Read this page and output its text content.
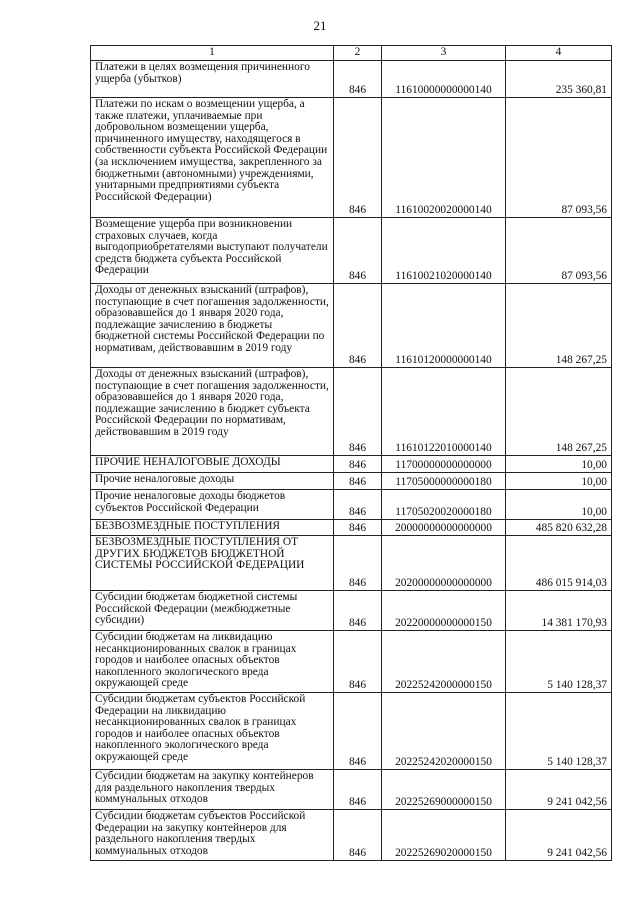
21
1	2	3	4
Платежи в целях возмещения причиненного ущерба (убытков)	846	11610000000000140	235 360,81
Платежи по искам о возмещении ущерба, а также платежи, уплачиваемые при добровольном возмещении ущерба, причиненного имуществу, находящегося в собственности субъекта Российской Федерации (за исключением имущества, закрепленного за бюджетными (автономными) учреждениями, унитарными предприятиями субъекта Российской Федерации)	846	11610020020000140	87 093,56
Возмещение ущерба при возникновении страховых случаев, когда выгодоприобретателями выступают получатели средств бюджета субъекта Российской Федерации	846	11610021020000140	87 093,56
Доходы от денежных взысканий (штрафов), поступающие в счет погашения задолженности, образовавшейся до 1 января 2020 года, подлежащие зачислению в бюджеты бюджетной системы Российской Федерации по нормативам, действовавшим в 2019 году	846	11610120000000140	148 267,25
Доходы от денежных взысканий (штрафов), поступающие в счет погашения задолженности, образовавшейся до 1 января 2020 года, подлежащие зачислению в бюджет субъекта Российской Федерации по нормативам, действовавшим в 2019 году	846	11610122010000140	148 267,25
ПРОЧИЕ НЕНАЛОГОВЫЕ ДОХОДЫ	846	11700000000000000	10,00
Прочие неналоговые доходы	846	11705000000000180	10,00
Прочие неналоговые доходы бюджетов субъектов Российской Федерации	846	11705020020000180	10,00
БЕЗВОЗМЕЗДНЫЕ ПОСТУПЛЕНИЯ	846	20000000000000000	485 820 632,28
БЕЗВОЗМЕЗДНЫЕ ПОСТУПЛЕНИЯ ОТ ДРУГИХ БЮДЖЕТОВ БЮДЖЕТНОЙ СИСТЕМЫ РОССИЙСКОЙ ФЕДЕРАЦИИ	846	20200000000000000	486 015 914,03
Субсидии бюджетам бюджетной системы Российской Федерации (межбюджетные субсидии)	846	20220000000000150	14 381 170,93
Субсидии бюджетам на ликвидацию несанкционированных свалок в границах городов и наиболее опасных объектов накопленного экологического вреда окружающей среде	846	20225242000000150	5 140 128,37
Субсидии бюджетам субъектов Российской Федерации на ликвидацию несанкционированных свалок в границах городов и наиболее опасных объектов накопленного экологического вреда окружающей среде	846	20225242020000150	5 140 128,37
Субсидии бюджетам на закупку контейнеров для раздельного накопления твердых коммунальных отходов	846	20225269000000150	9 241 042,56
Субсидии бюджетам субъектов Российской Федерации на закупку контейнеров для раздельного накопления твердых коммунальных отходов	846	20225269020000150	9 241 042,56
